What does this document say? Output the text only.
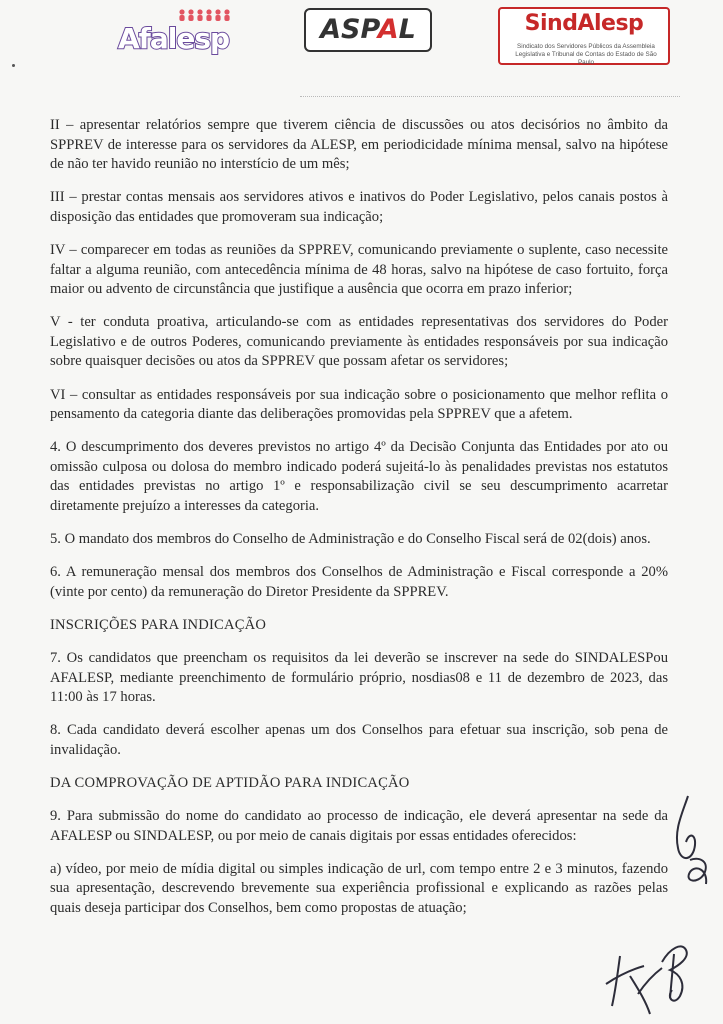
Afalesp	ASPAL	SindAlesp
Sindicato dos Servidores Públicos da Assembleia Legislativa e Tribunal de Contas do Estado de São Paulo

II – apresentar relatórios sempre que tiverem ciência de discussões ou atos decisórios no âmbito da SPPREV de interesse para os servidores da ALESP, em periodicidade mínima mensal, salvo na hipótese de não ter havido reunião no interstício de um mês;

III – prestar contas mensais aos servidores ativos e inativos do Poder Legislativo, pelos canais postos à disposição das entidades que promoveram sua indicação;

IV – comparecer em todas as reuniões da SPPREV, comunicando previamente o suplente, caso necessite faltar a alguma reunião, com antecedência mínima de 48 horas, salvo na hipótese de caso fortuito, força maior ou advento de circunstância que justifique a ausência que ocorra em prazo inferior;

V - ter conduta proativa, articulando-se com as entidades representativas dos servidores do Poder Legislativo e de outros Poderes, comunicando previamente às entidades responsáveis por sua indicação sobre quaisquer decisões ou atos da SPPREV que possam afetar os servidores;

VI – consultar as entidades responsáveis por sua indicação sobre o posicionamento que melhor reflita o pensamento da categoria diante das deliberações promovidas pela SPPREV que a afetem.

4. O descumprimento dos deveres previstos no artigo 4º da Decisão Conjunta das Entidades por ato ou omissão culposa ou dolosa do membro indicado poderá sujeitá-lo às penalidades previstas nos estatutos das entidades previstas no artigo 1º e responsabilização civil se seu descumprimento acarretar diretamente prejuízo a interesses da categoria.

5. O mandato dos membros do Conselho de Administração e do Conselho Fiscal será de 02(dois) anos.

6. A remuneração mensal dos membros dos Conselhos de Administração e Fiscal corresponde a 20% (vinte por cento) da remuneração do Diretor Presidente da SPPREV.

INSCRIÇÕES PARA INDICAÇÃO

7. Os candidatos que preencham os requisitos da lei deverão se inscrever na sede do SINDALESPou AFALESP, mediante preenchimento de formulário próprio, nosdias08 e 11 de dezembro de 2023, das 11:00 às 17 horas.

8. Cada candidato deverá escolher apenas um dos Conselhos para efetuar sua inscrição, sob pena de invalidação.

DA COMPROVAÇÃO DE APTIDÃO PARA INDICAÇÃO

9. Para submissão do nome do candidato ao processo de indicação, ele deverá apresentar na sede da AFALESP ou SINDALESP, ou por meio de canais digitais por essas entidades oferecidos:

a) vídeo, por meio de mídia digital ou simples indicação de url, com tempo entre 2 e 3 minutos, fazendo sua apresentação, descrevendo brevemente sua experiência profissional e explicando as razões pelas quais deseja participar dos Conselhos, bem como propostas de atuação;
